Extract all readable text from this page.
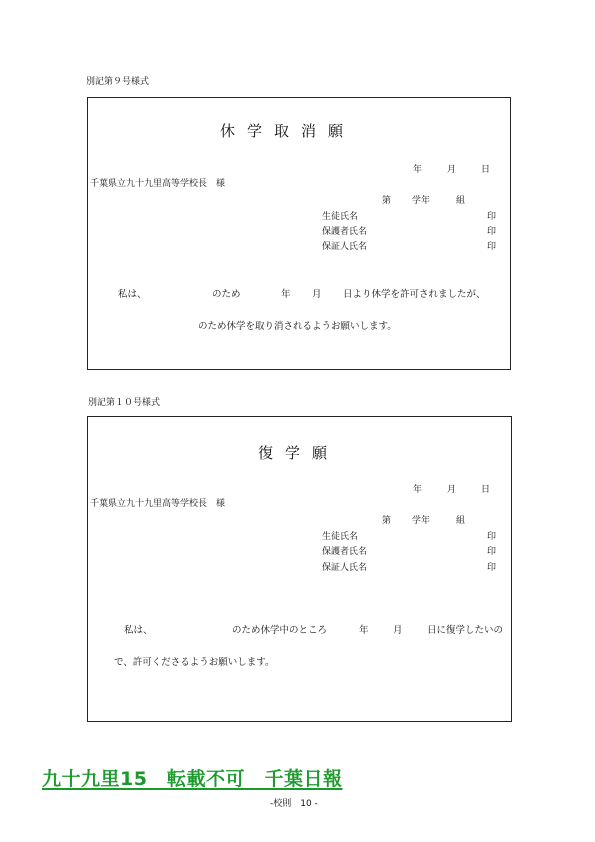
別記第９号様式
休学取消願
年	月	日
千葉県立九十九里高等学校長　様
第 学年	組
生徒氏名	印
保護者氏名	印
保証人氏名	印
私は、	のため	年 月 日より休学を許可されましたが、
のため休学を取り消されるようお願いします。
別記第１０号様式
復学願
年	月	日
千葉県立九十九里高等学校長　様
第 学年	組
生徒氏名	印
保護者氏名	印
保証人氏名	印
私は、	のため休学中のところ	年	月	日に復学したいの
で、許可くださるようお願いします。
九十九里15　転載不可　千葉日報
-校則　10 -
